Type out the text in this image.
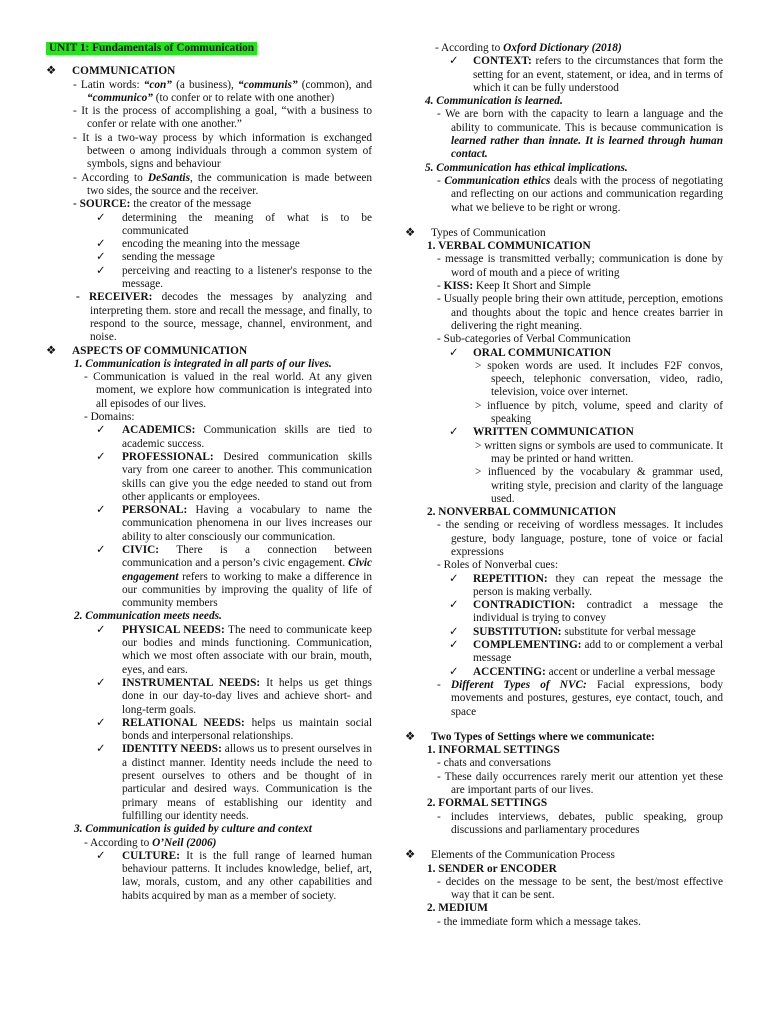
UNIT 1: Fundamentals of Communication
❖ COMMUNICATION
- Latin words: “con” (a business), “communis” (common), and “communico” (to confer or to relate with one another)
- It is the process of accomplishing a goal, “with a business to confer or relate with one another.”
- It is a two-way process by which information is exchanged between o among individuals through a common system of symbols, signs and behaviour
- According to DeSantis, the communication is made between two sides, the source and the receiver.
- SOURCE: the creator of the message
✓ determining the meaning of what is to be communicated
✓ encoding the meaning into the message
✓ sending the message
✓ perceiving and reacting to a listener's response to the message.
- RECEIVER: decodes the messages by analyzing and interpreting them. store and recall the message, and finally, to respond to the source, message, channel, environment, and noise.
❖ ASPECTS OF COMMUNICATION
1. Communication is integrated in all parts of our lives.
- Communication is valued in the real world. At any given moment, we explore how communication is integrated into all episodes of our lives.
- Domains:
✓ ACADEMICS: Communication skills are tied to academic success.
✓ PROFESSIONAL: Desired communication skills vary from one career to another. This communication skills can give you the edge needed to stand out from other applicants or employees.
✓ PERSONAL: Having a vocabulary to name the communication phenomena in our lives increases our ability to alter consciously our communication.
✓ CIVIC: There is a connection between communication and a person’s civic engagement. Civic engagement refers to working to make a difference in our communities by improving the quality of life of community members
2. Communication meets needs.
✓ PHYSICAL NEEDS: The need to communicate keep our bodies and minds functioning. Communication, which we most often associate with our brain, mouth, eyes, and ears.
✓ INSTRUMENTAL NEEDS: It helps us get things done in our day-to-day lives and achieve short- and long-term goals.
✓ RELATIONAL NEEDS: helps us maintain social bonds and interpersonal relationships.
✓ IDENTITY NEEDS: allows us to present ourselves in a distinct manner. Identity needs include the need to present ourselves to others and be thought of in particular and desired ways. Communication is the primary means of establishing our identity and fulfilling our identity needs.
3. Communication is guided by culture and context
- According to O’Neil (2006)
✓ CULTURE: It is the full range of learned human behaviour patterns. It includes knowledge, belief, art, law, morals, custom, and any other capabilities and habits acquired by man as a member of society.
- According to Oxford Dictionary (2018)
✓ CONTEXT: refers to the circumstances that form the setting for an event, statement, or idea, and in terms of which it can be fully understood
4. Communication is learned.
- We are born with the capacity to learn a language and the ability to communicate. This is because communication is learned rather than innate. It is learned through human contact.
5. Communication has ethical implications.
- Communication ethics deals with the process of negotiating and reflecting on our actions and communication regarding what we believe to be right or wrong.
❖ Types of Communication
1. VERBAL COMMUNICATION
- message is transmitted verbally; communication is done by word of mouth and a piece of writing
- KISS: Keep It Short and Simple
- Usually people bring their own attitude, perception, emotions and thoughts about the topic and hence creates barrier in delivering the right meaning.
- Sub-categories of Verbal Communication
✓ ORAL COMMUNICATION
> spoken words are used. It includes F2F convos, speech, telephonic conversation, video, radio, television, voice over internet.
> influence by pitch, volume, speed and clarity of speaking
✓ WRITTEN COMMUNICATION
> written signs or symbols are used to communicate. It may be printed or hand written.
> influenced by the vocabulary & grammar used, writing style, precision and clarity of the language used.
2. NONVERBAL COMMUNICATION
- the sending or receiving of wordless messages. It includes gesture, body language, posture, tone of voice or facial expressions
- Roles of Nonverbal cues:
✓ REPETITION: they can repeat the message the person is making verbally.
✓ CONTRADICTION: contradict a message the individual is trying to convey
✓ SUBSTITUTION: substitute for verbal message
✓ COMPLEMENTING: add to or complement a verbal message
✓ ACCENTING: accent or underline a verbal message
- Different Types of NVC: Facial expressions, body movements and postures, gestures, eye contact, touch, and space
❖ Two Types of Settings where we communicate:
1. INFORMAL SETTINGS
- chats and conversations
- These daily occurrences rarely merit our attention yet these are important parts of our lives.
2. FORMAL SETTINGS
- includes interviews, debates, public speaking, group discussions and parliamentary procedures
❖ Elements of the Communication Process
1. SENDER or ENCODER
- decides on the message to be sent, the best/most effective way that it can be sent.
2. MEDIUM
- the immediate form which a message takes.
